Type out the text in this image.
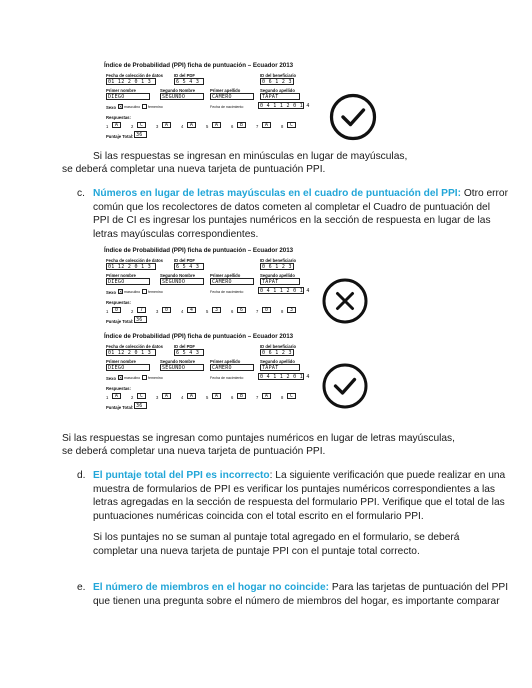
Índice de Probabilidad (PPI) ficha de puntuación – Ecuador 2013
Fecha de colección de datos	ID del PDF	ID del beneficiario
01 12 2 0 1 3	6 5 4 3	0 6 1 2 3
Primer nombre	Segundo Nombre	Primer apellido	Segundo apellido
DIEGO	SEGUNDO	CAMERO	TAPAT
Sexo ✕ masculino femenino	Fecha de nacimiento	0 4 1 1 2 0 1 4
Respuestas:
1	A	2	C	3	A	4	A	5	A	6	B	7	A	8	C
Puntaje Total: 36
Índice de Probabilidad (PPI) ficha de puntuación – Ecuador 2013
Fecha de colección de datos	ID del PDF	ID del beneficiario
01 12 2 0 1 3	6 5 4 3	0 6 1 2 3
Primer nombre	Segundo Nombre	Primer apellido	Segundo apellido
DIEGO	SEGUNDO	CAMERO	TAPAT
Sexo ✕ masculino femenino	Fecha de nacimiento	0 4 1 1 2 0 1 4
Respuestas:
1	0	2	7	3	0	4	4	5	3	6	6	7	0	8	3
Puntaje Total: 36
Índice de Probabilidad (PPI) ficha de puntuación – Ecuador 2013
Fecha de colección de datos	ID del PDF	ID del beneficiario
01 12 2 0 1 3	6 5 4 3	0 6 1 2 3
Primer nombre	Segundo Nombre	Primer apellido	Segundo apellido
DIEGO	SEGUNDO	CAMERO	TAPAT
Sexo ✕ masculino femenino	Fecha de nacimiento	0 4 1 1 2 0 1 4
Respuestas:
1	A	2	C	3	A	4	A	5	A	6	B	7	A	8	C
Puntaje Total: 36
Si las respuestas se ingresan en minúsculas en lugar de mayúsculas,
se deberá completar una nueva tarjeta de puntuación PPI.
c. Números en lugar de letras mayúsculas en el cuadro de puntuación del PPI: Otro error
común que los recolectores de datos cometen al completar el Cuadro de puntuación del
PPI de CI es ingresar los puntajes numéricos en la sección de respuesta en lugar de las
letras mayúsculas correspondientes.
Si las respuestas se ingresan como puntajes numéricos en lugar de letras mayúsculas,
se deberá completar una nueva tarjeta de puntuación PPI.
d. El puntaje total del PPI es incorrecto: La siguiente verificación que puede realizar en una
muestra de formularios de PPI es verificar los puntajes numéricos correspondientes a las
letras agregadas en la sección de respuesta del formulario PPI. Verifique que el total de las
puntuaciones numéricas coincida con el total escrito en el formulario PPI.
Si los puntajes no se suman al puntaje total agregado en el formulario, se deberá
completar una nueva tarjeta de puntaje PPI con el puntaje total correcto.
e. El número de miembros en el hogar no coincide: Para las tarjetas de puntuación del PPI
que tienen una pregunta sobre el número de miembros del hogar, es importante comparar
